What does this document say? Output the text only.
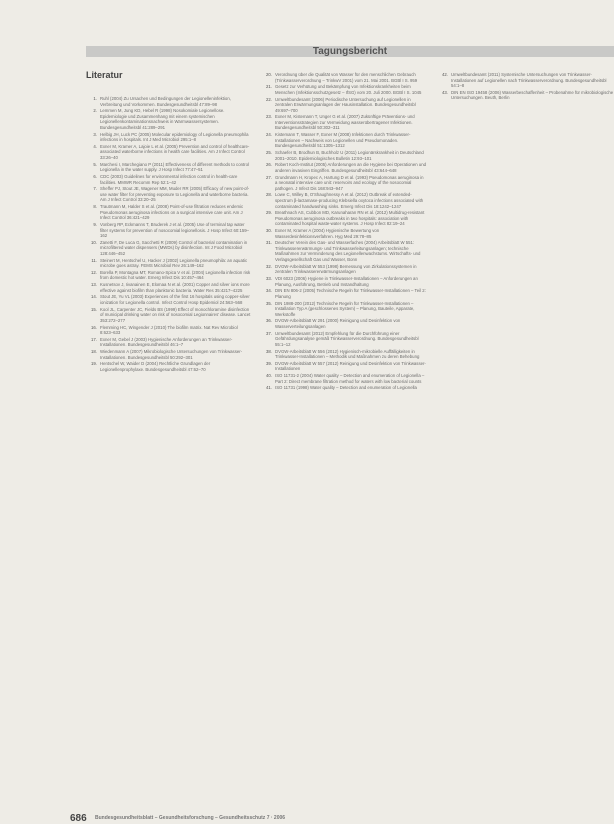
Tagungsbericht
Literatur
1. Ruhl (2004) Zu Ursachen und Bedingungen der Legionelleninfektion, Verbreitung und Vorkommen. Bundesgesundheitsbl 47:89–98
2. Lemmen M, Jung KD, Hebel R (1998) Nosokomiale Legionellose. Epidemiologie und Zusammenhang mit einem systemischen Legionellenkontaminationsnachweis in Warmwassersystemen. Bundesgesundheitsbl 41:289–291
3. Helbig JH, Luck PC (2005) Molecular epidemiology of Legionella pneumophila infections in hospitals. Int J Med Microbiol 295:1–8
4. Exner M, Kramer A, Lajoie L et al. (2005) Prevention and control of healthcare-associated waterborne infections in health care facilities. Am J Infect Control 33:26–40
5. Marchesi I, Marchegiano P (2011) Effectiveness of different methods to control Legionella in the water supply. J Hosp Infect 77:47–51
6. CDC (2003) Guidelines for environmental infection control in health-care facilities. MMWR Recomm Rep 52:1–42
7. Sheffer PJ, Stout JE, Wagener MM, Muder RR (2005) Efficacy of new point-of-use water filter for preventing exposure to Legionella and waterborne bacteria. Am J Infect Control 33:20–25
8. Trautmann M, Halder S et al. (2008) Point-of-use filtration reduces endemic Pseudomonas aeruginosa infections on a surgical intensive care unit. Am J Infect Control 36:421–429
9. Vonberg RP, Eckmanns T, Bruderek J et al. (2005) Use of terminal tap water filter systems for prevention of nosocomial legionellosis. J Hosp Infect 60:159–162
10. Zanetti F, De Luca G, Sacchetti R (2009) Control of bacterial contamination in microfiltered water dispensers (MWDs) by disinfection. Int J Food Microbiol 128:446–452
11. Steinert M, Hentschel U, Hacker J (2002) Legionella pneumophila: an aquatic microbe goes astray. FEMS Microbiol Rev 26:149–162
12. Borella P, Montagna MT, Romano-Spica V et al. (2004) Legionella infection risk from domestic hot water. Emerg Infect Dis 10:457–464
13. Kusnetsov J, Iivanainen E, Elomaa N et al. (2001) Copper and silver ions more effective against biofilm than planktonic bacteria. Water Res 35:4217–4225
14. Stout JE, Yu VL (2003) Experiences of the first 16 hospitals using copper-silver ionization for Legionella control. Infect Control Hosp Epidemiol 24:563–568
15. Kool JL, Carpenter JC, Fields BS (1999) Effect of monochloramine disinfection of municipal drinking water on risk of nosocomial Legionnaires' disease. Lancet 353:272–277
16. Flemming HC, Wingender J (2010) The biofilm matrix. Nat Rev Microbiol 8:623–633
17. Exner M, Gebel J (2003) Hygienische Anforderungen an Trinkwasser-Installationen. Bundesgesundheitsbl 46:1–7
18. Wiedenmann A (2007) Mikrobiologische Untersuchungen von Trinkwasser-Installationen. Bundesgesundheitsbl 50:292–301
19. Hentschel W, Waider D (2004) Rechtliche Grundlagen der Legionellenprophylaxe. Bundesgesundheitsbl 47:62–70
20. Verordnung über die Qualität von Wasser für den menschlichen Gebrauch (Trinkwasserverordnung – TrinkwV 2001) vom 21. Mai 2001. BGBl I S. 959
21. Gesetz zur Verhütung und Bekämpfung von Infektionskrankheiten beim Menschen (Infektionsschutzgesetz – IfSG) vom 20. Juli 2000. BGBl I S. 1045
22. Umweltbundesamt (2006) Periodische Untersuchung auf Legionellen in zentralen Erwärmungsanlagen der Hausinstallation. Bundesgesundheitsbl 49:697–700
23. Exner M, Kistemann T, Unger G et al. (2007) Zukünftige Präventions- und Interventionsstrategien zur Vermeidung wasserübertragener Infektionen. Bundesgesundheitsbl 50:302–311
24. Kistemann T, Wasser F, Exner M (2008) Infektionen durch Trinkwasser-Installationen – Nachweis von Legionellen und Pseudomonaden. Bundesgesundheitsbl 51:1305–1312
25. Schaefer B, Brodhun B, Buchholz U (2011) Legionärskrankheit in Deutschland 2001–2010. Epidemiologisches Bulletin 12:93–101
26. Robert Koch-Institut (2005) Anforderungen an die Hygiene bei Operationen und anderen invasiven Eingriffen. Bundesgesundheitsbl 43:644–648
27. Grundmann H, Kropec A, Hartung D et al. (1993) Pseudomonas aeruginosa in a neonatal intensive care unit: reservoirs and ecology of the nosocomial pathogen. J Infect Dis 168:943–947
28. Lowe C, Willey B, O'Shaughnessy A et al. (2012) Outbreak of extended-spectrum β-lactamase-producing Klebsiella oxytoca infections associated with contaminated handwashing sinks. Emerg Infect Dis 18:1242–1247
29. Breathnach AS, Cubbon MD, Karunaharan RN et al. (2012) Multidrug-resistant Pseudomonas aeruginosa outbreaks in two hospitals: association with contaminated hospital waste-water systems. J Hosp Infect 82:19–24
30. Exner M, Kramer A (2004) Hygienische Bewertung von Wasserdesinfektionsverfahren. Hyg Med 29:78–85
31. Deutscher Verein des Gas- und Wasserfaches (2004) Arbeitsblatt W 551: Trinkwassererwärmungs- und Trinkwasserleitungsanlagen; technische Maßnahmen zur Verminderung des Legionellenwachstums. Wirtschafts- und Verlagsgesellschaft Gas und Wasser, Bonn
32. DVGW-Arbeitsblatt W 553 (1998) Bemessung von Zirkulationssystemen in zentralen Trinkwassererwärmungsanlagen
33. VDI 6023 (2006) Hygiene in Trinkwasser-Installationen – Anforderungen an Planung, Ausführung, Betrieb und Instandhaltung
34. DIN EN 806-2 (2005) Technische Regeln für Trinkwasser-Installationen – Teil 2: Planung
35. DIN 1988-200 (2012) Technische Regeln für Trinkwasser-Installationen – Installation Typ A (geschlossenes System) – Planung, Bauteile, Apparate, Werkstoffe
36. DVGW-Arbeitsblatt W 291 (2000) Reinigung und Desinfektion von Wasserverteilungsanlagen
37. Umweltbundesamt (2012) Empfehlung für die Durchführung einer Gefährdungsanalyse gemäß Trinkwasserverordnung. Bundesgesundheitsbl 55:1–12
38. DVGW-Arbeitsblatt W 556 (2012) Hygienisch-mikrobielle Auffälligkeiten in Trinkwasser-Installationen – Methodik und Maßnahmen zu deren Behebung
39. DVGW-Arbeitsblatt W 557 (2012) Reinigung und Desinfektion von Trinkwasser-Installationen
40. ISO 11731-2 (2004) Water quality – Detection and enumeration of Legionella – Part 2: Direct membrane filtration method for waters with low bacterial counts
41. ISO 11731 (1998) Water quality – Detection and enumeration of Legionella
42. Umweltbundesamt (2011) Systemische Untersuchungen von Trinkwasser-Installationen auf Legionellen nach Trinkwasserverordnung. Bundesgesundheitsbl 54:1–8
43. DIN EN ISO 19458 (2006) Wasserbeschaffenheit – Probenahme für mikrobiologische Untersuchungen. Beuth, Berlin
686 Bundesgesundheitsblatt – Gesundheitsforschung – Gesundheitsschutz 7 · 2006
